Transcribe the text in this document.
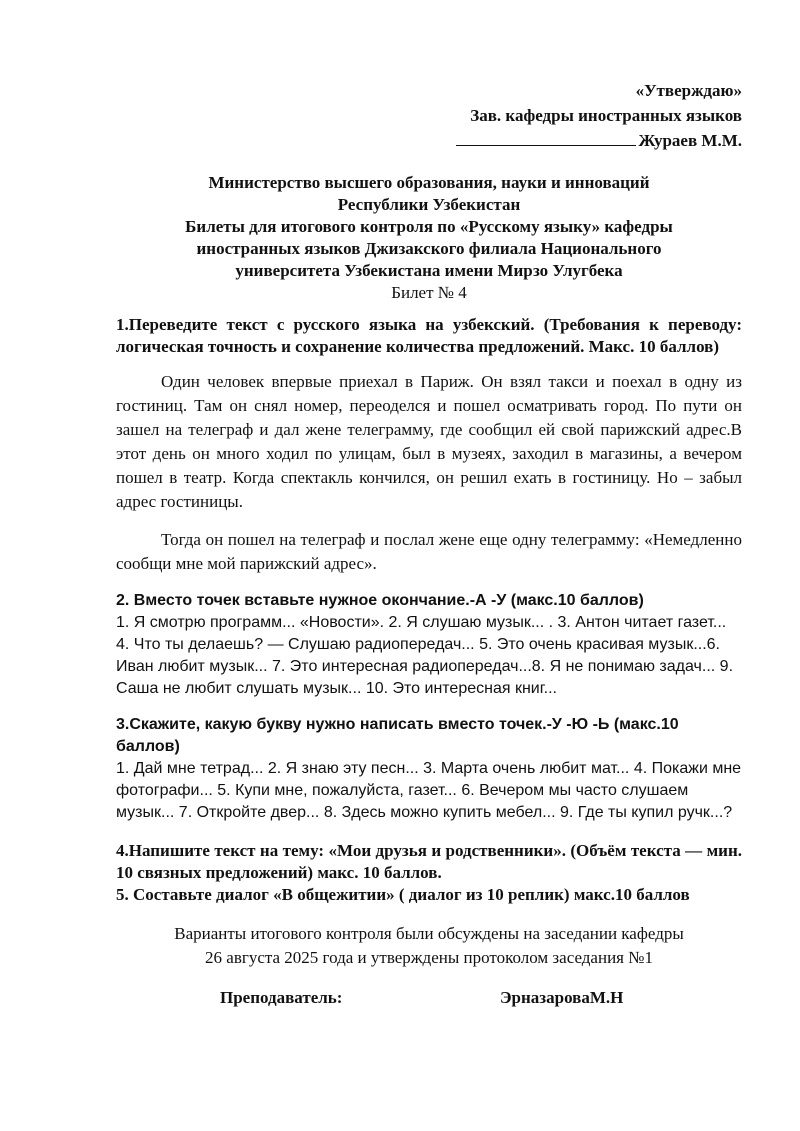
«Утверждаю»
Зав. кафедры иностранных языков
Жураев М.М.
Министерство высшего образования, науки и инноваций
Республики Узбекистан
Билеты для итогового контроля по «Русскому языку» кафедры
иностранных языков Джизакского филиала Национального
университета Узбекистана имени Мирзо Улугбека
Билет № 4
1.Переведите текст с русского языка на узбекский. (Требования к переводу: логическая точность и сохранение количества предложений. Макс. 10 баллов)

Один человек впервые приехал в Париж. Он взял такси и поехал в одну из гостиниц. Там он снял номер, переоделся и пошел осматривать город. По пути он зашел на телеграф и дал жене телеграмму, где сообщил ей свой парижский адрес.В этот день он много ходил по улицам, был в музеях, заходил в магазины, а вечером пошел в театр. Когда спектакль кончился, он решил ехать в гостиницу. Но – забыл адрес гостиницы.

Тогда он пошел на телеграф и послал жене еще одну телеграмму: «Немедленно сообщи мне мой парижский адрес».

2. Вместо точек вставьте нужное окончание.-А -У (макс.10 баллов)
1. Я смотрю программ... «Новости». 2. Я слушаю музык... . 3. Антон читает газет... 4. Что ты делаешь? — Слушаю радиопередач... 5. Это очень красивая музык...6. Иван любит музык... 7. Это интересная радиопередач...8. Я не понимаю задач... 9. Саша не любит слушать музык... 10. Это интересная книг...
3.Скажите, какую букву нужно написать вместо точек.-У -Ю -Ь (макс.10 баллов)
1. Дай мне тетрад... 2. Я знаю эту песн... 3. Марта очень любит мат... 4. Покажи мне фотографи... 5. Купи мне, пожалуйста, газет... 6. Вечером мы часто слушаем музык... 7. Откройте двер... 8. Здесь можно купить мебел... 9. Где ты купил ручк...?
4.Напишите текст на тему: «Мои друзья и родственники». (Объём текста — мин. 10 связных предложений) макс. 10 баллов.
5. Составьте диалог «В общежитии» ( диалог из 10 реплик) макс.10 баллов
Варианты итогового контроля были обсуждены на заседании кафедры
26 августа 2025 года и утверждены протоколом заседания №1
Преподаватель:	ЭрназароваМ.Н
